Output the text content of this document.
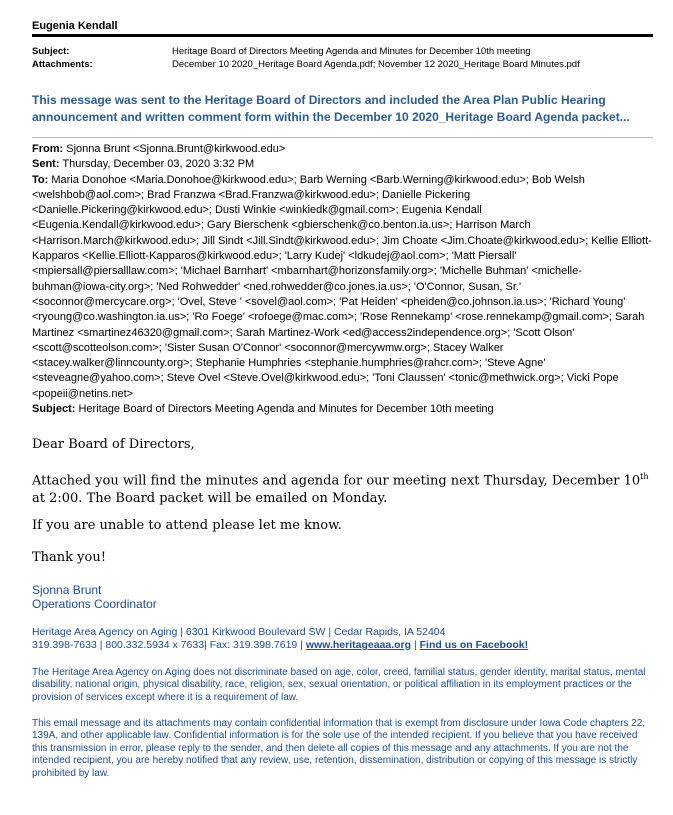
Eugenia Kendall
Subject:	Heritage Board of Directors Meeting Agenda and Minutes for December 10th meeting
Attachments:	December 10 2020_Heritage Board Agenda.pdf; November 12 2020_Heritage Board Minutes.pdf
This message was sent to the Heritage Board of Directors and included the Area Plan Public Hearing announcement and written comment form within the December 10 2020_Heritage Board Agenda packet...
From: Sjonna Brunt <Sjonna.Brunt@kirkwood.edu>
Sent: Thursday, December 03, 2020 3:32 PM
To: Maria Donohoe <Maria.Donohoe@kirkwood.edu>; Barb Werning <Barb.Werning@kirkwood.edu>; Bob Welsh <welshbob@aol.com>; Brad Franzwa <Brad.Franzwa@kirkwood.edu>; Danielle Pickering <Danielle.Pickering@kirkwood.edu>; Dusti Winkie <winkiedk@gmail.com>; Eugenia Kendall <Eugenia.Kendall@kirkwood.edu>; Gary Bierschenk <gbierschenk@co.benton.ia.us>; Harrison March <Harrison.March@kirkwood.edu>; Jill Sindt <Jill.Sindt@kirkwood.edu>; Jim Choate <Jim.Choate@kirkwood.edu>; Kellie Elliott-Kapparos <Kellie.Elliott-Kapparos@kirkwood.edu>; 'Larry Kudej' <ldkudej@aol.com>; 'Matt Piersall' <mpiersall@piersalllaw.com>; 'Michael Barnhart' <mbarnhart@horizonsfamily.org>; 'Michelle Buhman' <michelle-buhman@iowa-city.org>; 'Ned Rohwedder' <ned.rohwedder@co.jones.ia.us>; 'O'Connor, Susan, Sr.' <soconnor@mercycare.org>; 'Ovel, Steve ' <sovel@aol.com>; 'Pat Heiden' <pheiden@co.johnson.ia.us>; 'Richard Young' <ryoung@co.washington.ia.us>; 'Ro Foege' <rofoege@mac.com>; 'Rose Rennekamp' <rose.rennekamp@gmail.com>; Sarah Martinez <smartinez46320@gmail.com>; Sarah Martinez-Work <ed@access2independence.org>; 'Scott Olson' <scott@scotteolson.com>; 'Sister Susan O'Connor' <soconnor@mercywmw.org>; Stacey Walker <stacey.walker@linncounty.org>; Stephanie Humphries <stephanie.humphries@rahcr.com>; 'Steve Agne' <steveagne@yahoo.com>; Steve Ovel <Steve.Ovel@kirkwood.edu>; 'Toni Claussen' <tonic@methwick.org>; Vicki Pope <popeii@netins.net>
Subject: Heritage Board of Directors Meeting Agenda and Minutes for December 10th meeting
Dear Board of Directors,
Attached you will find the minutes and agenda for our meeting next Thursday, December 10th at 2:00. The Board packet will be emailed on Monday.
If you are unable to attend please let me know.
Thank you!
Sjonna Brunt
Operations Coordinator
Heritage Area Agency on Aging | 6301 Kirkwood Boulevard SW | Cedar Rapids, IA 52404
319.398-7633 | 800.332.5934 x 7633| Fax: 319.398.7619 | www.heritageaaa.org | Find us on Facebook!
The Heritage Area Agency on Aging does not discriminate based on age, color, creed, familial status, gender identity, marital status, mental disability, national origin, physical disability, race, religion, sex, sexual orientation, or political affiliation in its employment practices or the provision of services except where it is a requirement of law.
This email message and its attachments may contain confidential information that is exempt from disclosure under Iowa Code chapters 22, 139A, and other applicable law. Confidential information is for the sole use of the intended recipient. If you believe that you have received this transmission in error, please reply to the sender, and then delete all copies of this message and any attachments. If you are not the intended recipient, you are hereby notified that any review, use, retention, dissemination, distribution or copying of this message is strictly prohibited by law.
